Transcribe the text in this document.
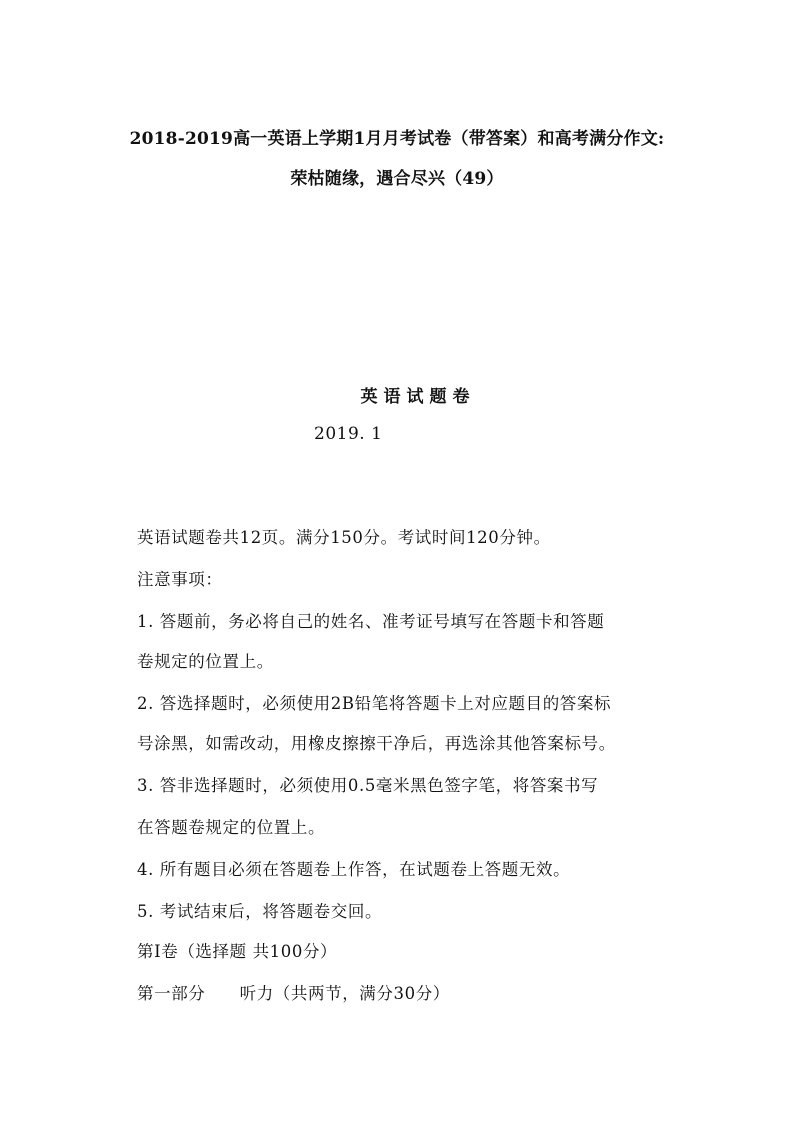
2018-2019高一英语上学期1月月考试卷（带答案）和高考满分作文:
荣枯随缘，遇合尽兴（49）
英语试题卷
2019. 1
英语试题卷共12页。满分150分。考试时间120分钟。
注意事项：
1. 答题前，务必将自己的姓名、准考证号填写在答题卡和答题
卷规定的位置上。
2. 答选择题时，必须使用2B铅笔将答题卡上对应题目的答案标
号涂黑，如需改动，用橡皮擦擦干净后，再选涂其他答案标号。
3. 答非选择题时，必须使用0.5毫米黑色签字笔，将答案书写
在答题卷规定的位置上。
4. 所有题目必须在答题卷上作答，在试题卷上答题无效。
5. 考试结束后，将答题卷交回。
第Ⅰ卷（选择题 共100分）
第一部分　　听力（共两节，满分30分）
